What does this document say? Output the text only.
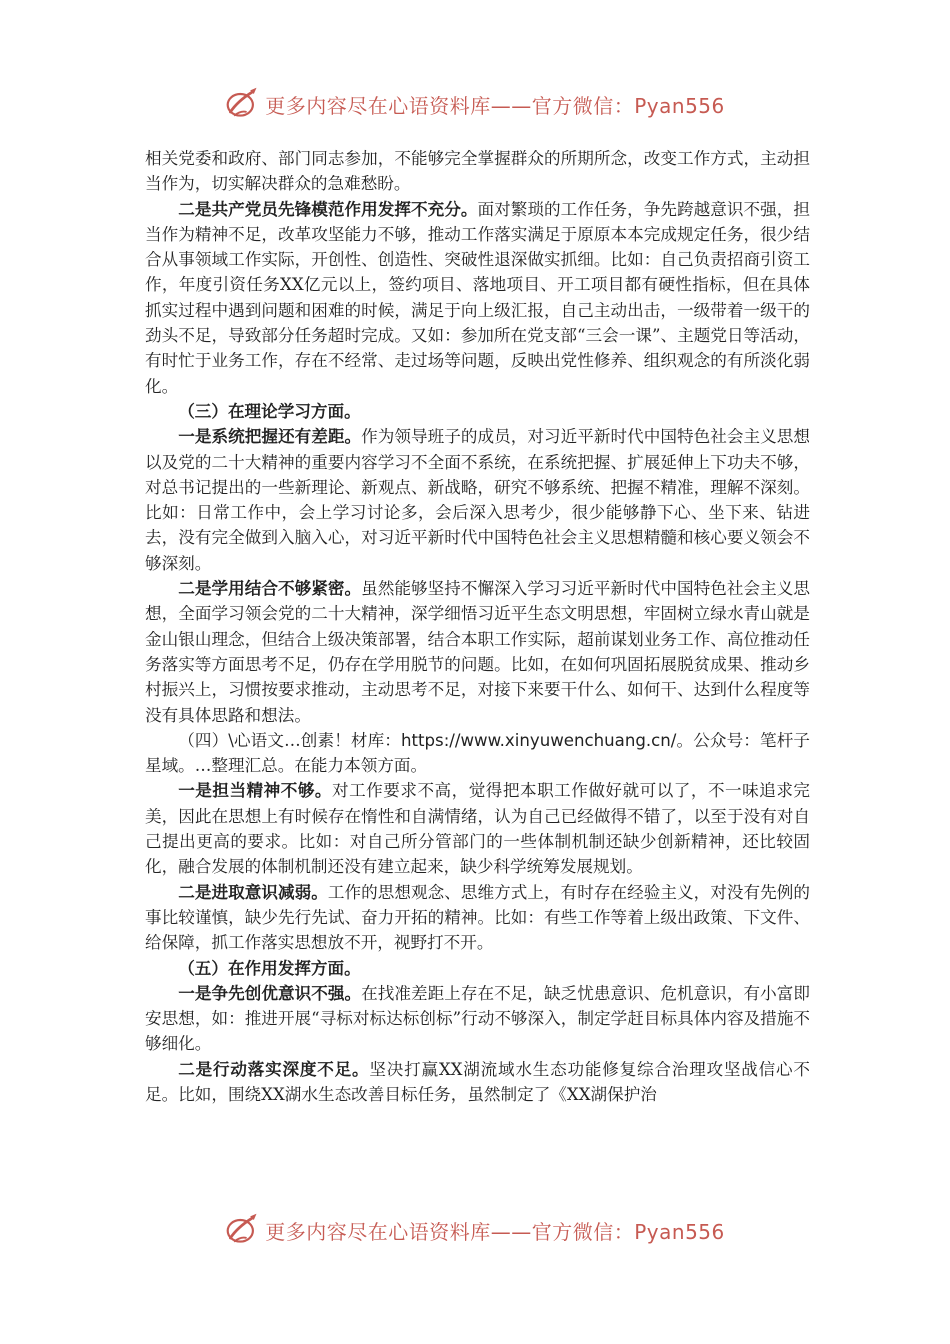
更多内容尽在心语资料库——官方微信：Pyan556

相关党委和政府、部门同志参加，不能够完全掌握群众的所期所念，改变工作方式，主动担当作为，切实解决群众的急难愁盼。

二是共产党员先锋模范作用发挥不充分。面对繁琐的工作任务，争先跨越意识不强，担当作为精神不足，改革攻坚能力不够，推动工作落实满足于原原本本完成规定任务，很少结合从事领域工作实际，开创性、创造性、突破性退深做实抓细。比如：自己负责招商引资工作，年度引资任务XX亿元以上，签约项目、落地项目、开工项目都有硬性指标，但在具体抓实过程中遇到问题和困难的时候，满足于向上级汇报，自己主动出击，一级带着一级干的劲头不足，导致部分任务超时完成。又如：参加所在党支部“三会一课”、主题党日等活动，有时忙于业务工作，存在不经常、走过场等问题，反映出党性修养、组织观念的有所淡化弱化。

（三）在理论学习方面。

一是系统把握还有差距。作为领导班子的成员，对习近平新时代中国特色社会主义思想以及党的二十大精神的重要内容学习不全面不系统，在系统把握、扩展延伸上下功夫不够，对总书记提出的一些新理论、新观点、新战略，研究不够系统、把握不精准，理解不深刻。比如：日常工作中，会上学习讨论多，会后深入思考少，很少能够静下心、坐下来、钻进去，没有完全做到入脑入心，对习近平新时代中国特色社会主义思想精髓和核心要义领会不够深刻。

二是学用结合不够紧密。虽然能够坚持不懈深入学习习近平新时代中国特色社会主义思想，全面学习领会党的二十大精神，深学细悟习近平生态文明思想，牢固树立绿水青山就是金山银山理念，但结合上级决策部署，结合本职工作实际，超前谋划业务工作、高位推动任务落实等方面思考不足，仍存在学用脱节的问题。比如，在如何巩固拓展脱贫成果、推动乡村振兴上，习惯按要求推动，主动思考不足，对接下来要干什么、如何干、达到什么程度等没有具体思路和想法。

（四）\心语文…创素！材库：https://www.xinyuwenchuang.cn/。公众号：笔杆子星域。…整理汇总。在能力本领方面。

一是担当精神不够。对工作要求不高，觉得把本职工作做好就可以了，不一味追求完美，因此在思想上有时候存在惰性和自满情绪，认为自己已经做得不错了，以至于没有对自己提出更高的要求。比如：对自己所分管部门的一些体制机制还缺少创新精神，还比较固化，融合发展的体制机制还没有建立起来，缺少科学统筹发展规划。

二是进取意识减弱。工作的思想观念、思维方式上，有时存在经验主义，对没有先例的事比较谨慎，缺少先行先试、奋力开拓的精神。比如：有些工作等着上级出政策、下文件、给保障，抓工作落实思想放不开，视野打不开。

（五）在作用发挥方面。

一是争先创优意识不强。在找准差距上存在不足，缺乏忧患意识、危机意识，有小富即安思想，如：推进开展“寻标对标达标创标”行动不够深入，制定学赶目标具体内容及措施不够细化。

二是行动落实深度不足。坚决打赢XX湖流域水生态功能修复综合治理攻坚战信心不足。比如，围绕XX湖水生态改善目标任务，虽然制定了《XX湖保护治

更多内容尽在心语资料库——官方微信：Pyan556
